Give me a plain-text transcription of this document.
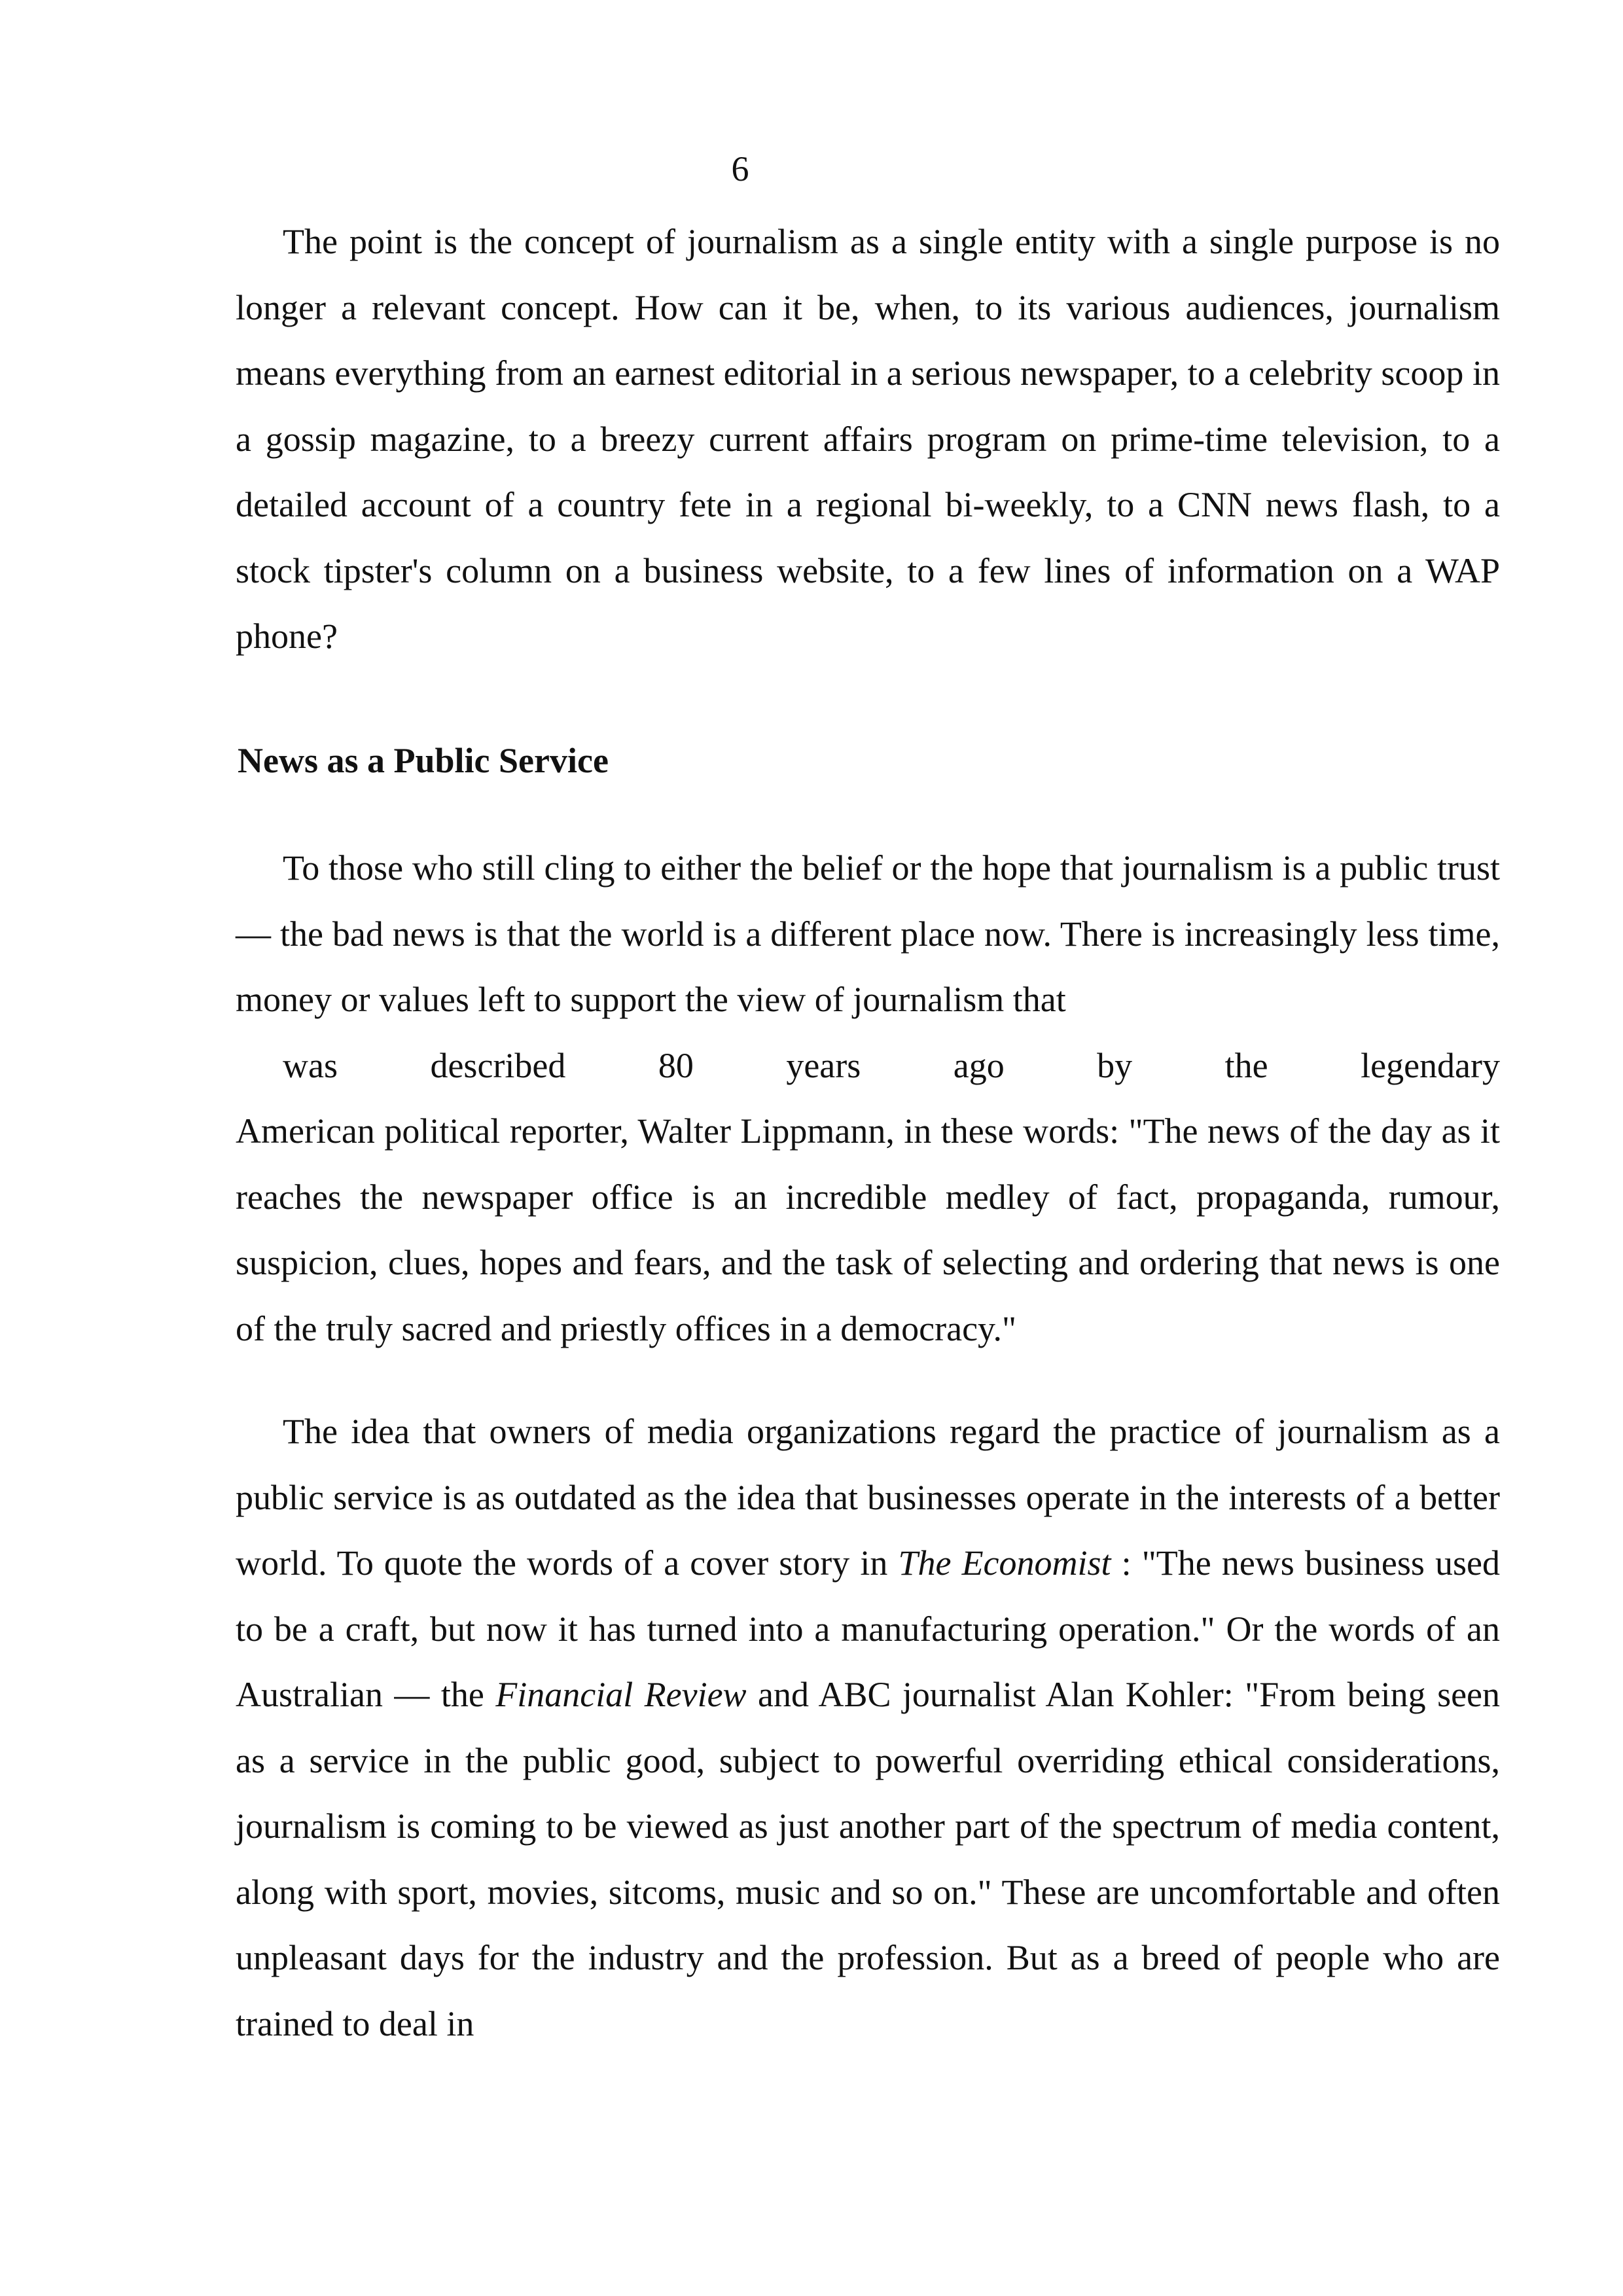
6

The point is the concept of journalism as a single entity with a single purpose is no longer a relevant concept. How can it be, when, to its various audiences, journalism means everything from an earnest editorial in a serious newspaper, to a celebrity scoop in a gossip magazine, to a breezy current affairs program on prime-time television, to a detailed account of a country fete in a regional bi-weekly, to a CNN news flash, to a stock tipster's column on a business website, to a few lines of information on a WAP phone?

News as a Public Service

To those who still cling to either the belief or the hope that journalism is a public trust — the bad news is that the world is a different place now. There is increasingly less time, money or values left to support the view of journalism that
was described 80 years ago by the legendary
American political reporter, Walter Lippmann, in these words: "The news of the day as it reaches the newspaper office is an incredible medley of fact, propaganda, rumour, suspicion, clues, hopes and fears, and the task of selecting and ordering that news is one of the truly sacred and priestly offices in a democracy."

The idea that owners of media organizations regard the practice of journalism as a public service is as outdated as the idea that businesses operate in the interests of a better world. To quote the words of a cover story in The Economist : "The news business used to be a craft, but now it has turned into a manufacturing operation." Or the words of an Australian — the Financial Review and ABC journalist Alan Kohler: "From being seen as a service in the public good, subject to powerful overriding ethical considerations, journalism is coming to be viewed as just another part of the spectrum of media content, along with sport, movies, sitcoms, music and so on." These are uncomfortable and often unpleasant days for the industry and the profession. But as a breed of people who are trained to deal in
